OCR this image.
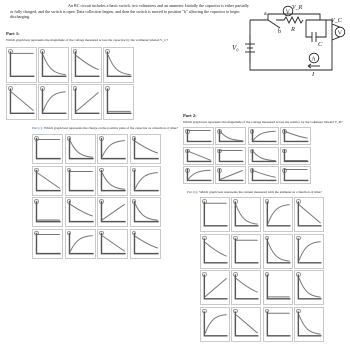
An RC circuit includes a basic switch, two voltmeters and an ammeter. Initially the capacitor is either partially or fully charged, and the switch is open. Data collection begins, and then the switch is moved to position "b" allowing the capacitor to begin discharging.

V₀
a
b R
C
V
V_R
V
V_C
A
I
Part 1:
Which graph best represents the magnitude of the voltage measured across the capacitor by the voltmeter labeled V_C?
Part (c):Which graph best represents the charge on the positive plate of the capacitor as a function of time?
Part 2:
Which graph best represents the magnitude of the voltage measured across the resistor by the voltmeter labeled V_R?
Part (b):Which graph best represents the current measured with the ammeter as a function of time?
